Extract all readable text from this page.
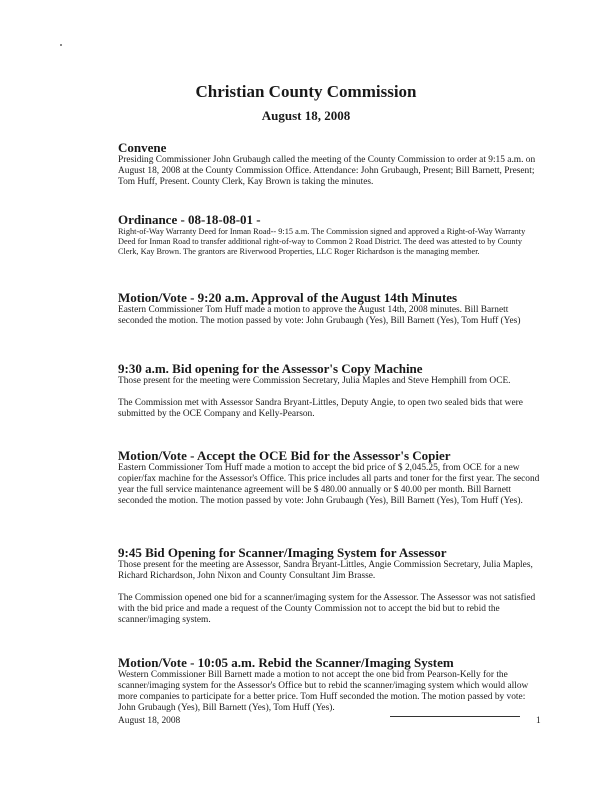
Christian County Commission
August 18, 2008
Convene
Presiding Commissioner John Grubaugh called the meeting of the County Commission to order at 9:15 a.m. on August 18, 2008 at the County Commission Office. Attendance: John Grubaugh, Present; Bill Barnett, Present; Tom Huff, Present. County Clerk, Kay Brown is taking the minutes.
Ordinance - 08-18-08-01 -
Right-of-Way Warranty Deed for Inman Road-- 9:15 a.m. The Commission signed and approved a Right-of-Way Warranty Deed for Inman Road to transfer additional right-of-way to Common 2 Road District. The deed was attested to by County Clerk, Kay Brown. The grantors are Riverwood Properties, LLC Roger Richardson is the managing member.
Motion/Vote - 9:20 a.m. Approval of the August 14th Minutes
Eastern Commissioner Tom Huff made a motion to approve the August 14th, 2008 minutes. Bill Barnett seconded the motion. The motion passed by vote: John Grubaugh (Yes), Bill Barnett (Yes), Tom Huff (Yes)
9:30 a.m. Bid opening for the Assessor's Copy Machine
Those present for the meeting were Commission Secretary, Julia Maples and Steve Hemphill from OCE.
The Commission met with Assessor Sandra Bryant-Littles, Deputy Angie, to open two sealed bids that were submitted by the OCE Company and Kelly-Pearson.
Motion/Vote - Accept the OCE Bid for the Assessor's Copier
Eastern Commissioner Tom Huff made a motion to accept the bid price of $ 2,045.25, from OCE for a new copier/fax machine for the Assessor's Office. This price includes all parts and toner for the first year. The second year the full service maintenance agreement will be $ 480.00 annually or $ 40.00 per month. Bill Barnett seconded the motion. The motion passed by vote: John Grubaugh (Yes), Bill Barnett (Yes), Tom Huff (Yes).
9:45 Bid Opening for Scanner/Imaging System for Assessor
Those present for the meeting are Assessor, Sandra Bryant-Littles, Angie Commission Secretary, Julia Maples, Richard Richardson, John Nixon and County Consultant Jim Brasse.
The Commission opened one bid for a scanner/imaging system for the Assessor. The Assessor was not satisfied with the bid price and made a request of the County Commission not to accept the bid but to rebid the scanner/imaging system.
Motion/Vote - 10:05 a.m. Rebid the Scanner/Imaging System
Western Commissioner Bill Barnett made a motion to not accept the one bid from Pearson-Kelly for the scanner/imaging system for the Assessor's Office but to rebid the scanner/imaging system which would allow more companies to participate for a better price. Tom Huff seconded the motion. The motion passed by vote: John Grubaugh (Yes), Bill Barnett (Yes), Tom Huff (Yes).
August 18, 2008	1
